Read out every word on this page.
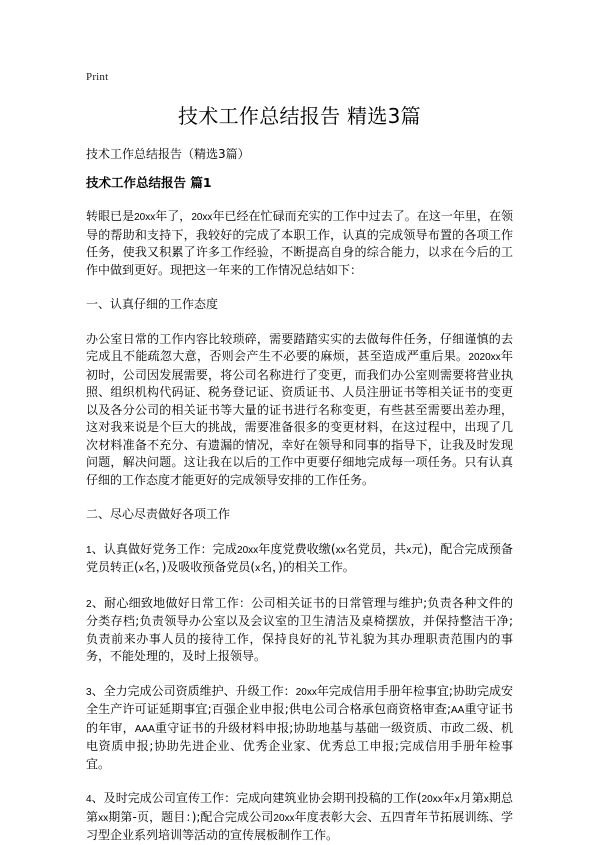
Print
技术工作总结报告 精选3篇
技术工作总结报告（精选3篇）
技术工作总结报告 篇1

转眼已是20xx年了，20xx年已经在忙碌而充实的工作中过去了。在这一年里，在领导的帮助和支持下，我较好的完成了本职工作，认真的完成领导布置的各项工作任务，使我又积累了许多工作经验，不断提高自身的综合能力，以求在今后的工作中做到更好。现把这一年来的工作情况总结如下：

一、认真仔细的工作态度

办公室日常的工作内容比较琐碎，需要踏踏实实的去做每件任务，仔细谨慎的去完成且不能疏忽大意，否则会产生不必要的麻烦，甚至造成严重后果。2020xx年初时，公司因发展需要，将公司名称进行了变更，而我们办公室则需要将营业执照、组织机构代码证、税务登记证、资质证书、人员注册证书等相关证书的变更以及各分公司的相关证书等大量的证书进行名称变更，有些甚至需要出差办理，这对我来说是个巨大的挑战，需要准备很多的变更材料，在这过程中，出现了几次材料准备不充分、有遗漏的情况，幸好在领导和同事的指导下，让我及时发现问题，解决问题。这让我在以后的工作中更要仔细地完成每一项任务。只有认真仔细的工作态度才能更好的完成领导安排的工作任务。

二、尽心尽责做好各项工作

1、认真做好党务工作：完成20xx年度党费收缴(xx名党员，共x元)，配合完成预备党员转正(x名，)及吸收预备党员(x名，)的相关工作。

2、耐心细致地做好日常工作：公司相关证书的日常管理与维护;负责各种文件的分类存档;负责领导办公室以及会议室的卫生清洁及桌椅摆放，并保持整洁干净;负责前来办事人员的接待工作，保持良好的礼节礼貌为其办理职责范围内的事务，不能处理的，及时上报领导。

3、全力完成公司资质维护、升级工作：20xx年完成信用手册年检事宜;协助完成安全生产许可证延期事宜;百强企业申报;供电公司合格承包商资格审查;AA重守证书的年审，AAA重守证书的升级材料申报;协助地基与基础一级资质、市政二级、机电资质申报;协助先进企业、优秀企业家、优秀总工申报;完成信用手册年检事宜。

4、及时完成公司宣传工作：完成向建筑业协会期刊投稿的工作(20xx年x月第x期总第xx期第-页，题目：);配合完成公司20xx年度表彰大会、五四青年节拓展训练、学习型企业系列培训等活动的宣传展板制作工作。
